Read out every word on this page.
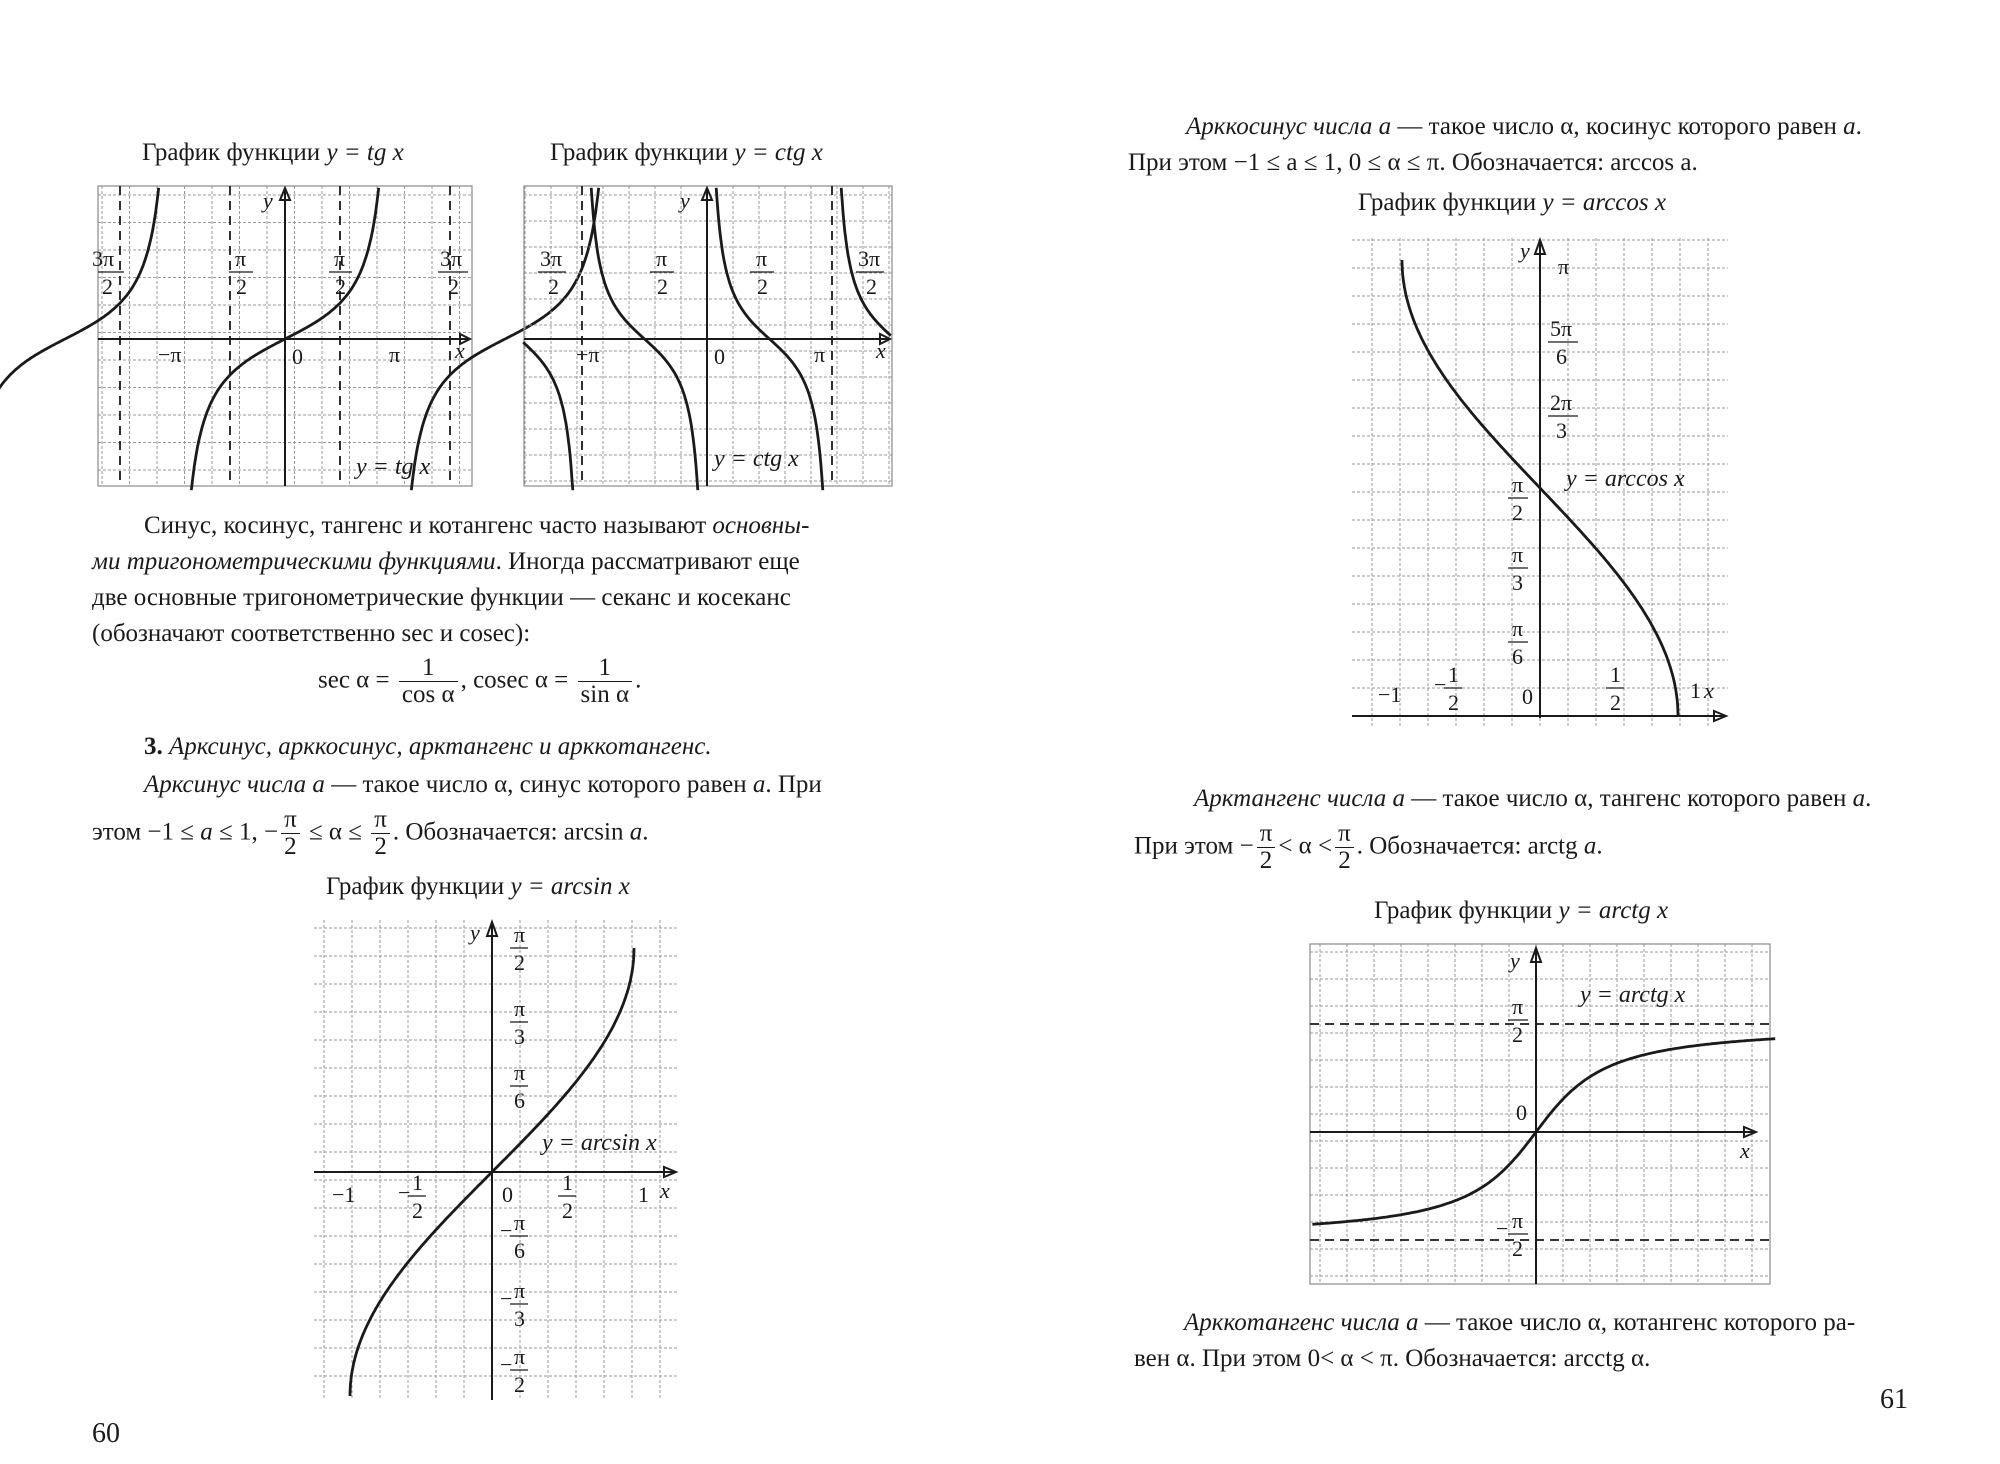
График функции y = tg x	График функции y = ctg x
y
x
0
3π
2
π
2
π
2
3π
2
−π	π
y = tg x
y
x
0
3π
2
π
2
π
2
3π
2
−π	π
y = ctg x
Синус, косинус, тангенс и котангенс часто называют основны-
ми тригонометрическими функциями. Иногда рассматривают еще
две основные тригонометрические функции — секанс и косеканс
(обозначают соответственно sec и cosec):
$\sec \alpha = \frac{1}{\text{cos α}}$ , cosec $\alpha = \frac{1}{\text{sin α}}$ .
3. Арксинус, арккосинус, арктангенс и арккотангенс.
Арксинус числа a — такое число α, синус которого равен a. При
этом −1 ≤ a ≤ 1, − $\frac{\pi}{2} \le \alpha \le \frac{\pi}{2}$ . Обозначается: arcsin a.
График функции y = arcsin x
y
x
0
−1 − 1
2
1
2
1
π
2
π
3
π
6
− π
6
− π
3
− π
2
y = arcsin x
60
Арккосинус числа a — такое число α, косинус которого равен a.
При этом −1 ≤ a ≤ 1, 0 ≤ α ≤ π. Обозначается: arccos a.
График функции y = arccos x
y
x
0
−1 − 1
2
1
2	1
π
5π
6
2π
3
π
2
π
3
π
6
y = arccos x
Арктангенс числа a — такое число α, тангенс которого равен a.
При этом − $\frac{\pi}{2} < \alpha < \frac{\pi}{2}$ . Обозначается: arctg a.
График функции y = arctg x
y
x
0
π
2
− π
2
y = arctg x
Арккотангенс числа a — такое число α, котангенс которого ра-
вен α. При этом 0< α < π. Обозначается: arcctg α.
61
